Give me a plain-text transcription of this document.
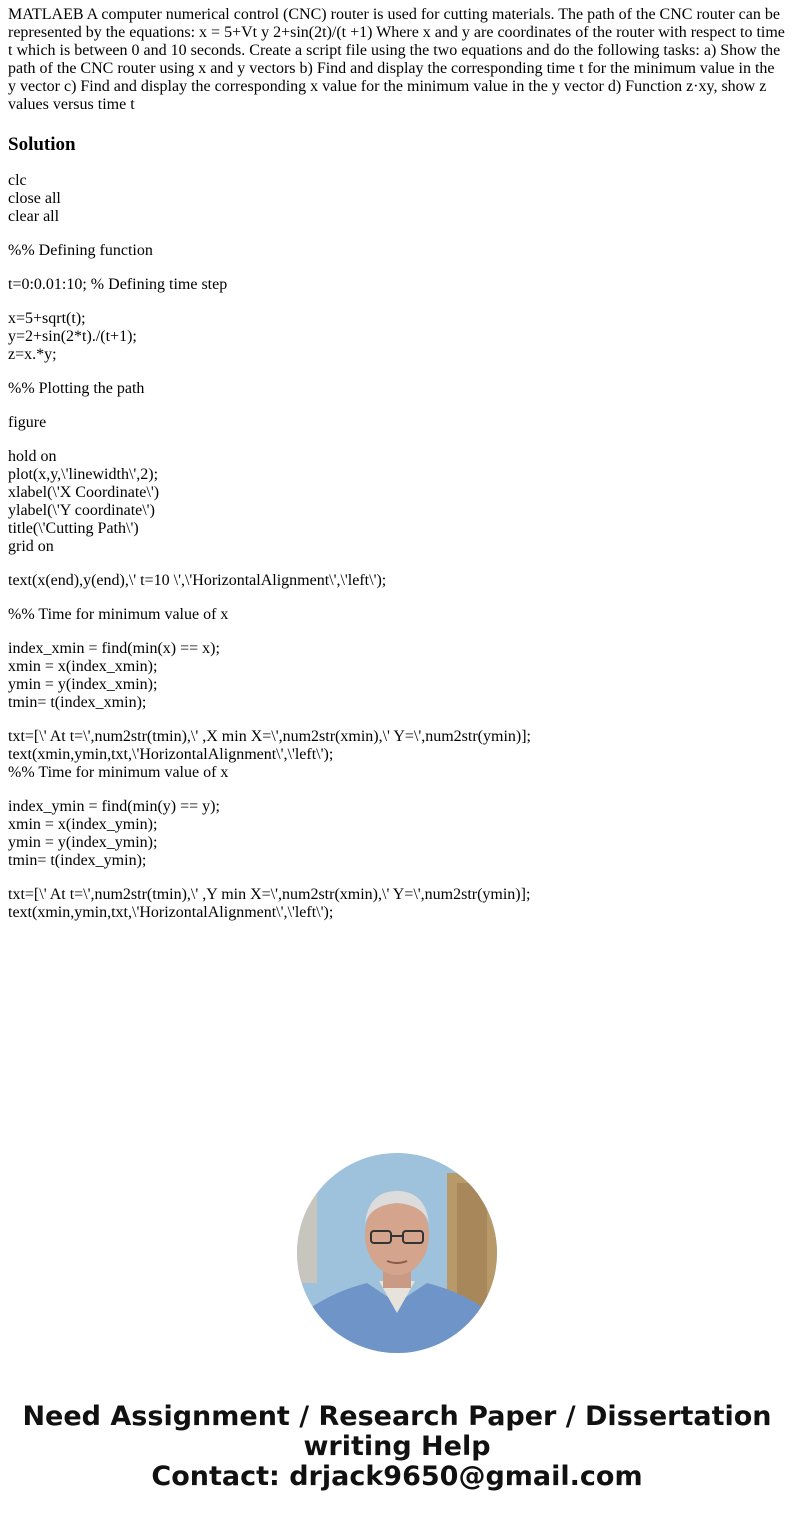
MATLAEB A computer numerical control (CNC) router is used for cutting materials. The path of the CNC router can be represented by the equations: x = 5+Vt y 2+sin(2t)/(t +1) Where x and y are coordinates of the router with respect to time t which is between 0 and 10 seconds. Create a script file using the two equations and do the following tasks: a) Show the path of the CNC router using x and y vectors b) Find and display the corresponding time t for the minimum value in the y vector c) Find and display the corresponding x value for the minimum value in the y vector d) Function z·xy, show z values versus time t

Solution
clc
close all
clear all
%% Defining function
t=0:0.01:10; % Defining time step
x=5+sqrt(t);
y=2+sin(2*t)./(t+1);
z=x.*y;
%% Plotting the path
figure
hold on
plot(x,y,\'linewidth\',2);
xlabel(\'X Coordinate\')
ylabel(\'Y coordinate\')
title(\'Cutting Path\')
grid on
text(x(end),y(end),\' t=10 \',\'HorizontalAlignment\',\'left\');
%% Time for minimum value of x
index_xmin = find(min(x) == x);
xmin = x(index_xmin);
ymin = y(index_xmin);
tmin= t(index_xmin);
txt=[\' At t=\',num2str(tmin),\' ,X min X=\',num2str(xmin),\' Y=\',num2str(ymin)];
text(xmin,ymin,txt,\'HorizontalAlignment\',\'left\');
%% Time for minimum value of x
index_ymin = find(min(y) == y);
xmin = x(index_ymin);
ymin = y(index_ymin);
tmin= t(index_ymin);
txt=[\' At t=\',num2str(tmin),\' ,Y min X=\',num2str(xmin),\' Y=\',num2str(ymin)];
text(xmin,ymin,txt,\'HorizontalAlignment\',\'left\');
Need Assignment / Research Paper / Dissertation
writing Help
Contact: drjack9650@gmail.com
